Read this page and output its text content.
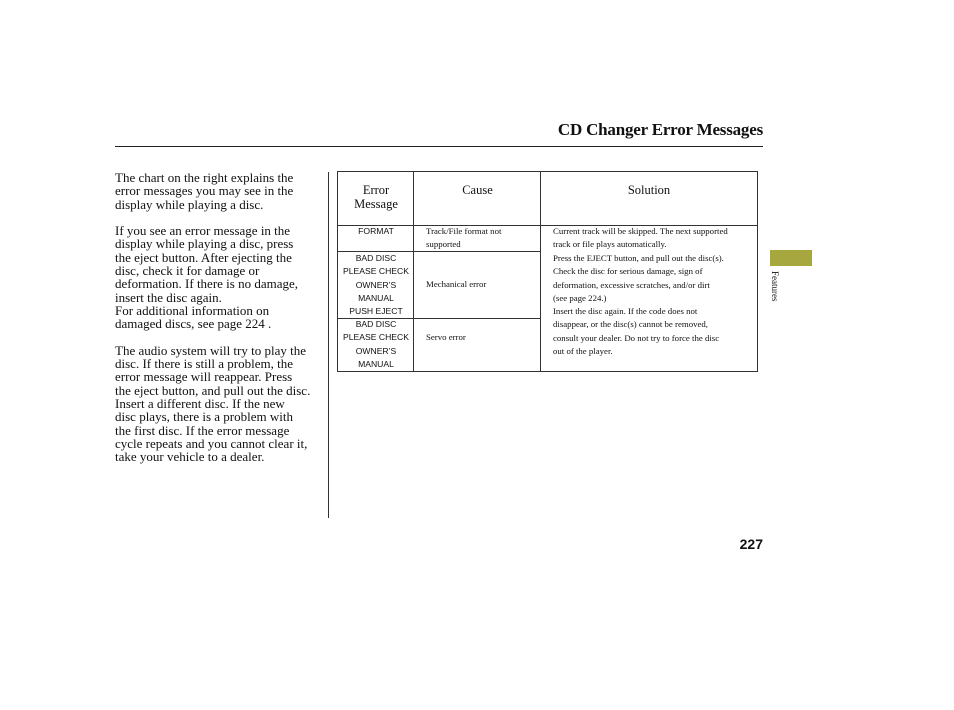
CD Changer Error Messages

The chart on the right explains the
error messages you may see in the
display while playing a disc.

If you see an error message in the
display while playing a disc, press
the eject button. After ejecting the
disc, check it for damage or
deformation. If there is no damage,
insert the disc again.
For additional information on
damaged discs, see page 224 .

The audio system will try to play the
disc. If there is still a problem, the
error message will reappear. Press
the eject button, and pull out the disc.
Insert a different disc. If the new
disc plays, there is a problem with
the first disc. If the error message
cycle repeats and you cannot clear it,
take your vehicle to a dealer.

Error
Message
Cause	Solution
FORMAT	Track/File format not
supported
Current track will be skipped. The next supported
track or file plays automatically.
BAD DISC
PLEASE CHECK
OWNER’S
MANUAL
PUSH EJECT
Mechanical error
BAD DISC
PLEASE CHECK
OWNER’S
MANUAL
Servo error
Press the EJECT button, and pull out the disc(s).
Check the disc for serious damage, sign of
deformation, excessive scratches, and/or dirt
(see page 224.)
Insert the disc again. If the code does not
disappear, or the disc(s) cannot be removed,
consult your dealer. Do not try to force the disc
out of the player.
Features
227
